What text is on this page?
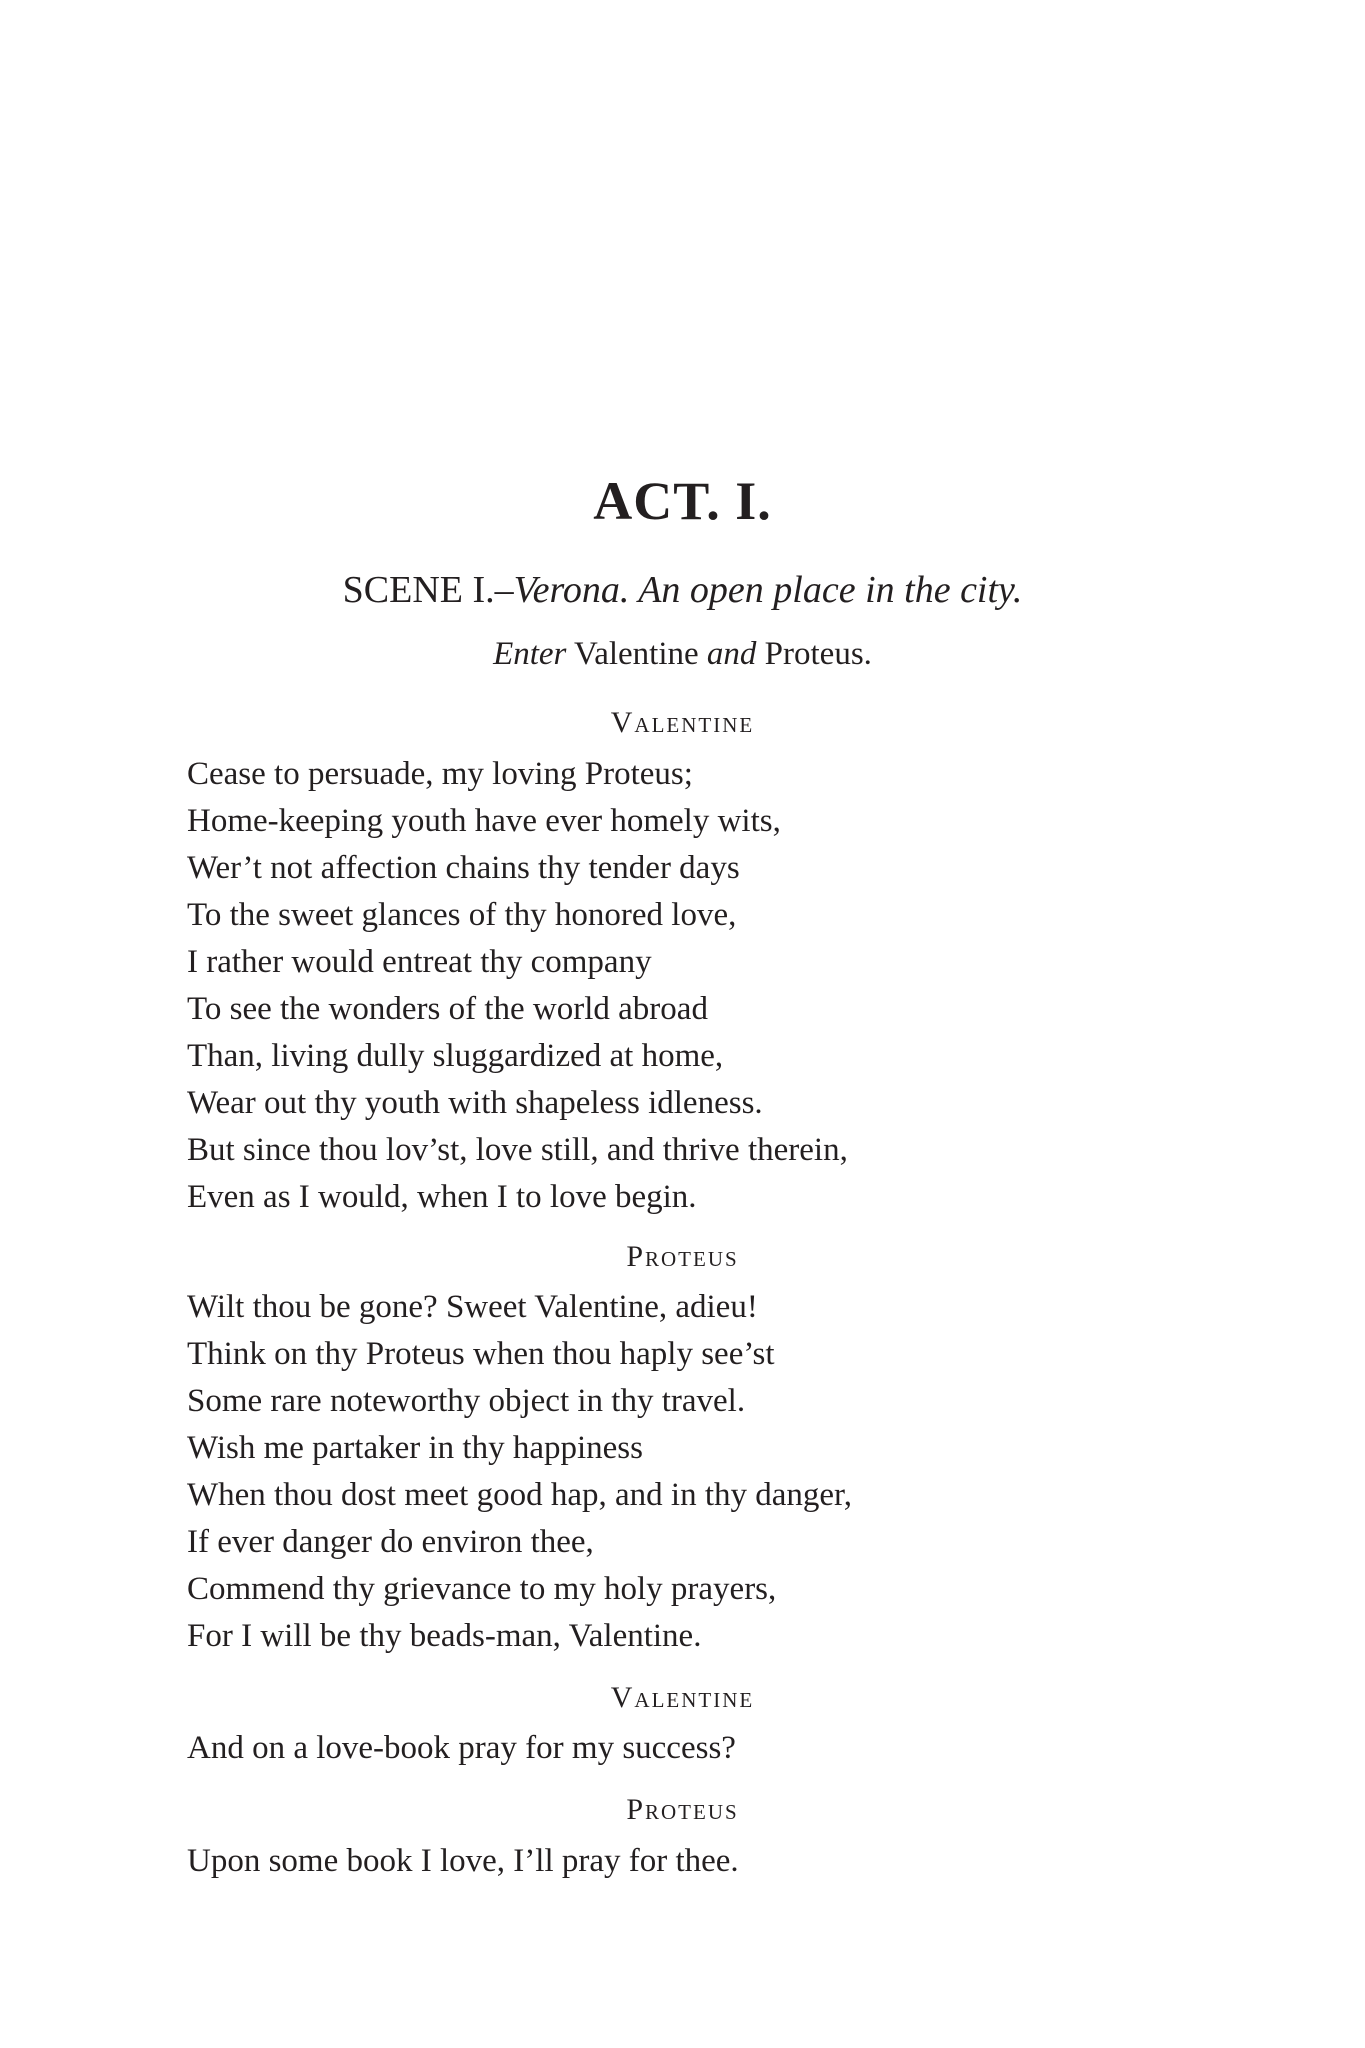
ACT. I.

SCENE I.–Verona. An open place in the city.

Enter Valentine and Proteus.

Valentine

Cease to persuade, my loving Proteus;
Home-keeping youth have ever homely wits,
Wer’t not affection chains thy tender days
To the sweet glances of thy honored love,
I rather would entreat thy company
To see the wonders of the world abroad
Than, living dully sluggardized at home,
Wear out thy youth with shapeless idleness.
But since thou lov’st, love still, and thrive therein,
Even as I would, when I to love begin.

Proteus

Wilt thou be gone? Sweet Valentine, adieu!
Think on thy Proteus when thou haply see’st
Some rare noteworthy object in thy travel.
Wish me partaker in thy happiness
When thou dost meet good hap, and in thy danger,
If ever danger do environ thee,
Commend thy grievance to my holy prayers,
For I will be thy beads-man, Valentine.

Valentine

And on a love-book pray for my success?

Proteus

Upon some book I love, I’ll pray for thee.
